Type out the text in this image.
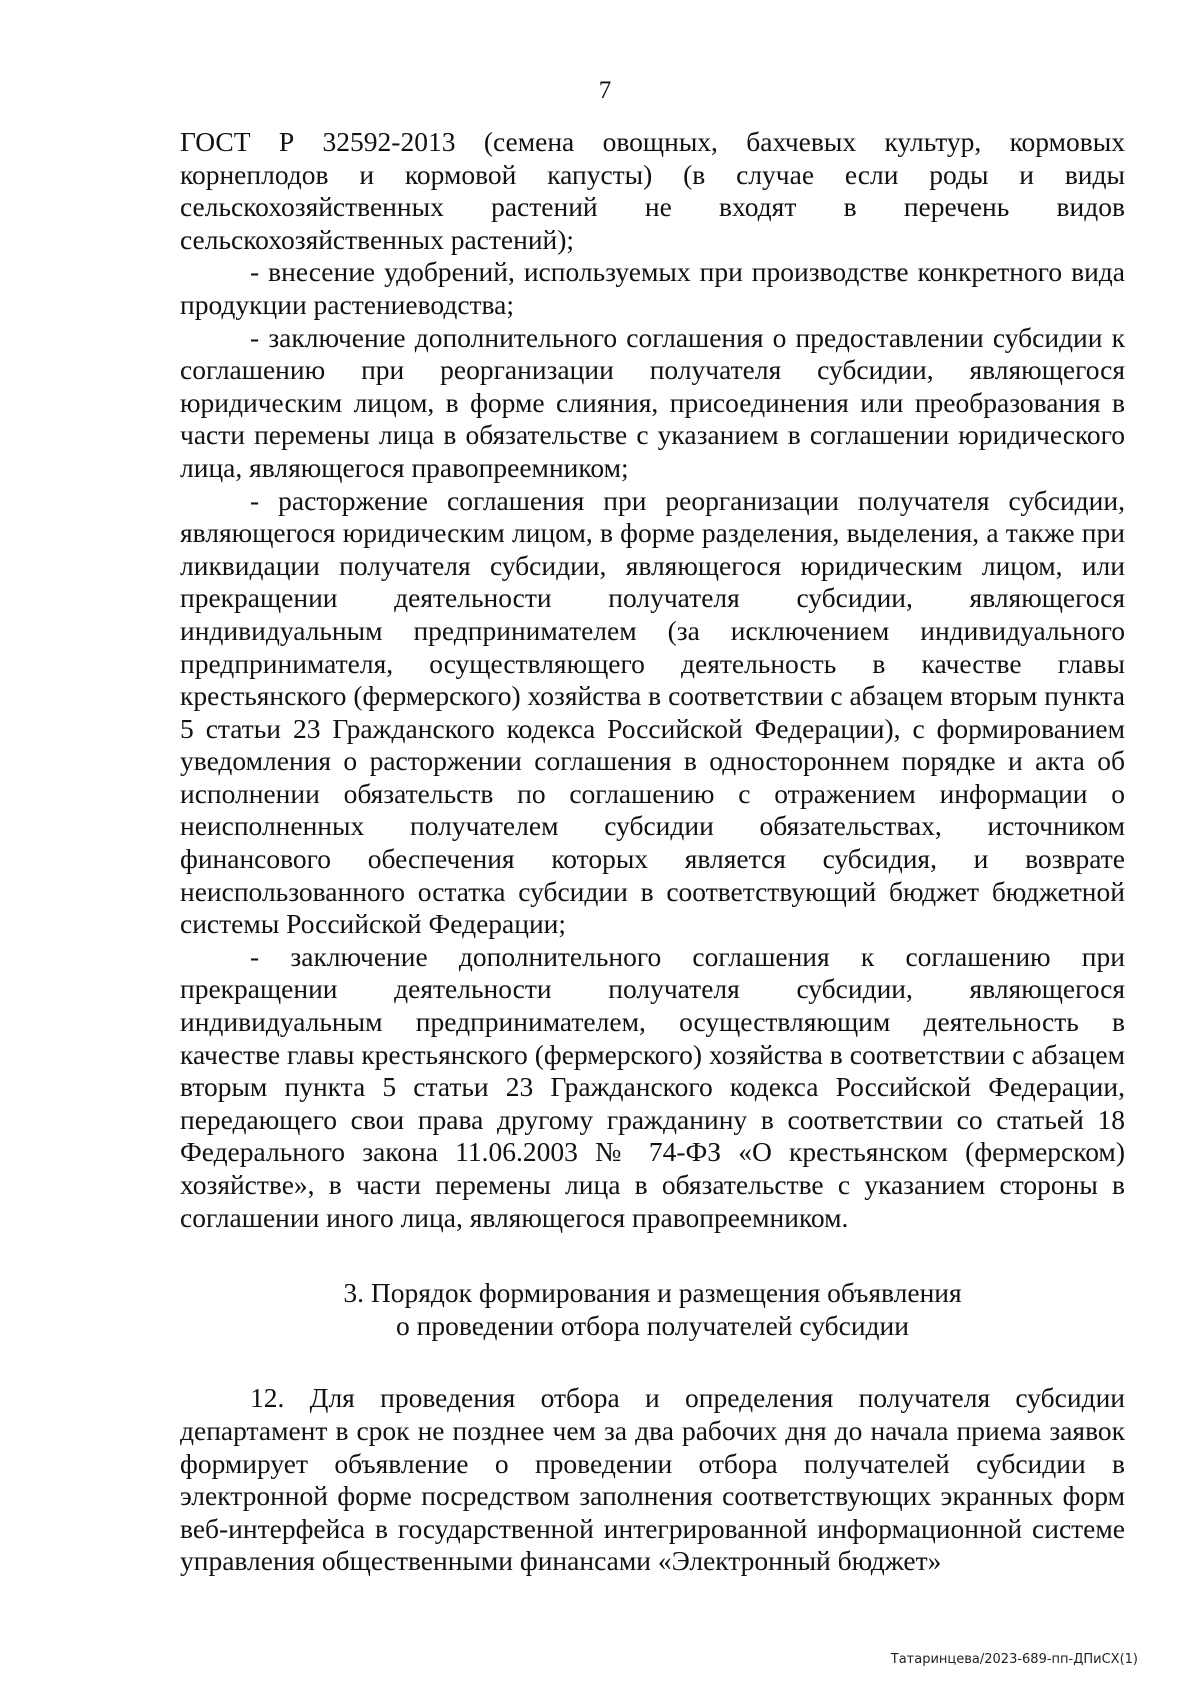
7

ГОСТ Р 32592-2013 (семена овощных, бахчевых культур, кормовых корнеплодов и кормовой капусты) (в случае если роды и виды сельскохозяйственных растений не входят в перечень видов сельскохозяйственных растений);

- внесение удобрений, используемых при производстве конкретного вида продукции растениеводства;

- заключение дополнительного соглашения о предоставлении субсидии к соглашению при реорганизации получателя субсидии, являющегося юридическим лицом, в форме слияния, присоединения или преобразования в части перемены лица в обязательстве с указанием в соглашении юридического лица, являющегося правопреемником;

- расторжение соглашения при реорганизации получателя субсидии, являющегося юридическим лицом, в форме разделения, выделения, а также при ликвидации получателя субсидии, являющегося юридическим лицом, или прекращении деятельности получателя субсидии, являющегося индивидуальным предпринимателем (за исключением индивидуального предпринимателя, осуществляющего деятельность в качестве главы крестьянского (фермерского) хозяйства в соответствии с абзацем вторым пункта 5 статьи 23 Гражданского кодекса Российской Федерации), с формированием уведомления о расторжении соглашения в одностороннем порядке и акта об исполнении обязательств по соглашению с отражением информации о неисполненных получателем субсидии обязательствах, источником финансового обеспечения которых является субсидия, и возврате неиспользованного остатка субсидии в соответствующий бюджет бюджетной системы Российской Федерации;

- заключение дополнительного соглашения к соглашению при прекращении деятельности получателя субсидии, являющегося индивидуальным предпринимателем, осуществляющим деятельность в качестве главы крестьянского (фермерского) хозяйства в соответствии с абзацем вторым пункта 5 статьи 23 Гражданского кодекса Российской Федерации, передающего свои права другому гражданину в соответствии со статьей 18 Федерального закона 11.06.2003 № 74-ФЗ «О крестьянском (фермерском) хозяйстве», в части перемены лица в обязательстве с указанием стороны в соглашении иного лица, являющегося правопреемником.

3. Порядок формирования и размещения объявления
о проведении отбора получателей субсидии

12. Для проведения отбора и определения получателя субсидии департамент в срок не позднее чем за два рабочих дня до начала приема заявок формирует объявление о проведении отбора получателей субсидии в электронной форме посредством заполнения соответствующих экранных форм веб-интерфейса в государственной интегрированной информационной системе управления общественными финансами «Электронный бюджет»

Татаринцева/2023-689-пп-ДПиСХ(1)
